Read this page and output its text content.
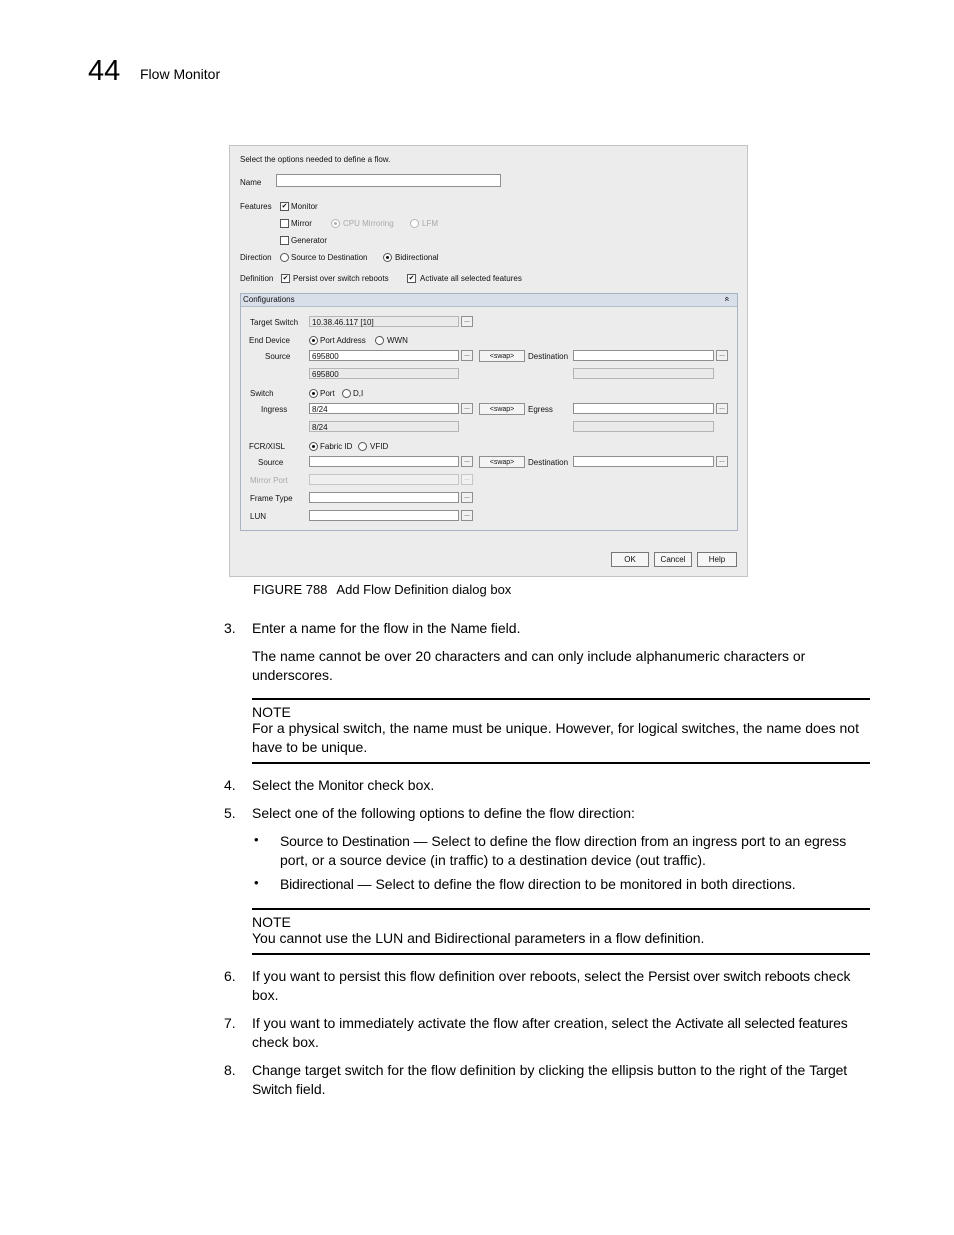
44 Flow Monitor
Select the options needed to define a flow.
Name
Features ✔ Monitor
Mirror	CPU Mirroring	LFM
Generator
Direction Source to Destination	Bidirectional
Definition ✔ Persist over switch reboots	✔ Activate all selected features
Configurations	«
Target Switch	10.38.46.117 [10]	...
End Device	Port Address	WWN
Source	695800	...	<swap>	Destination	...
695800
Switch	Port D,I
Ingress	8/24	...	<swap>	Egress	...
8/24
FCR/XISL	Fabric ID VFID
Source	...	<swap>	Destination	...
Mirror Port	...
Frame Type	...
LUN	...
OK	Cancel	Help
FIGURE 788 Add Flow Definition dialog box
3. Enter a name for the flow in the Name field.
The name cannot be over 20 characters and can only include alphanumeric characters or underscores.
NOTE
For a physical switch, the name must be unique. However, for logical switches, the name does not have to be unique.
4. Select the Monitor check box.
5. Select one of the following options to define the flow direction:
• Source to Destination — Select to define the flow direction from an ingress port to an egress port, or a source device (in traffic) to a destination device (out traffic).
• Bidirectional — Select to define the flow direction to be monitored in both directions.
NOTE
You cannot use the LUN and Bidirectional parameters in a flow definition.
6. If you want to persist this flow definition over reboots, select the Persist over switch reboots check box.
7. If you want to immediately activate the flow after creation, select the Activate all selected features check box.
8. Change target switch for the flow definition by clicking the ellipsis button to the right of the Target Switch field.
